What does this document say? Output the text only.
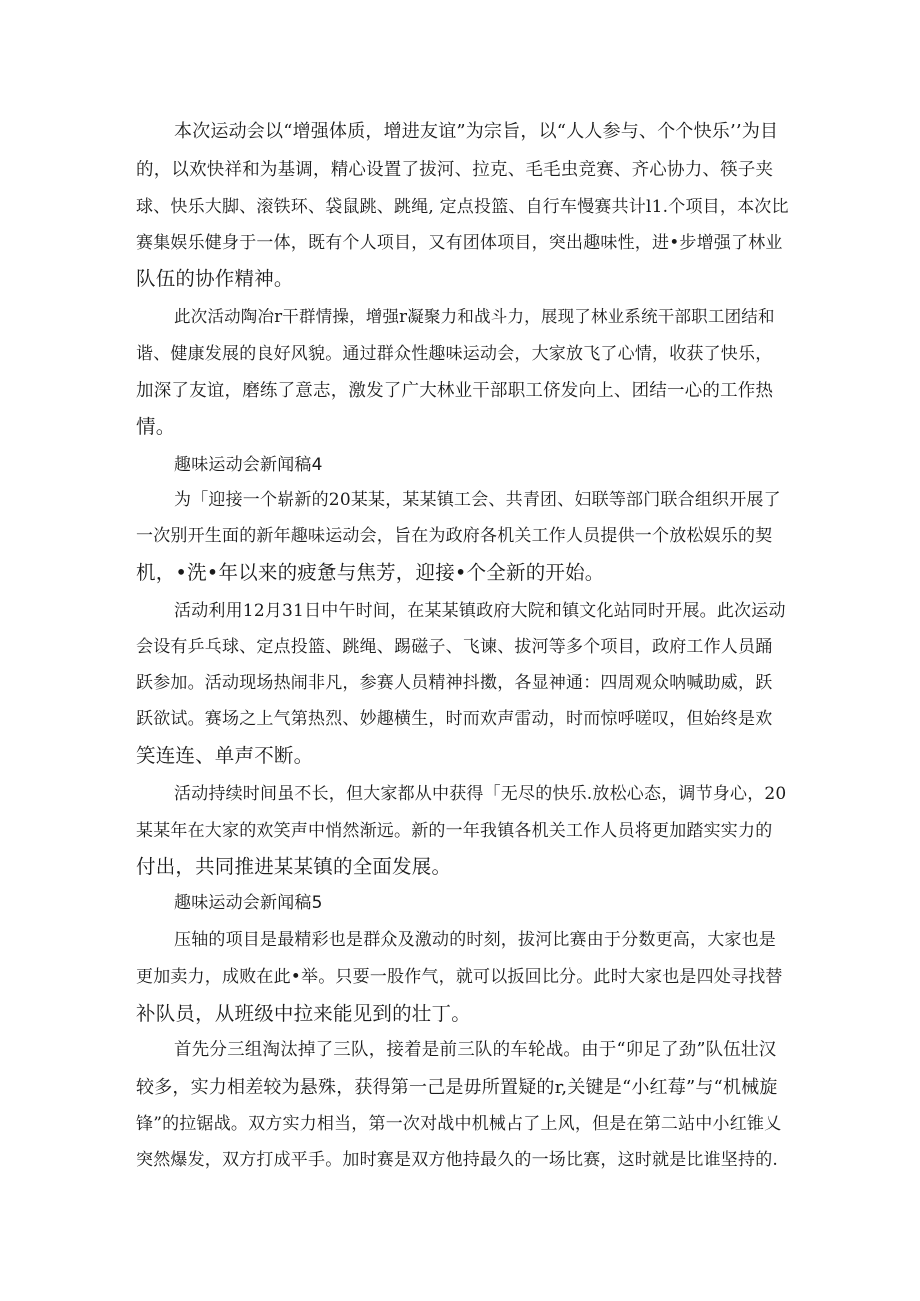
本次运动会以“增强体质，增进友谊”为宗旨，以“人人参与、个个快乐’’为目
的，以欢快祥和为基调，精心设置了拔河、拉克、毛毛虫竞赛、齐心协力、筷子夹
球、快乐大脚、滚铁环、袋鼠跳、跳绳, 定点投篮、自行车慢赛共计l1.个项目，本次比
赛集娱乐健身于一体，既有个人项目，又有团体项目，突出趣味性，进•步增强了林业
队伍的协作精神。
此次活动陶冶r干群情操，增强r凝聚力和战斗力，展现了林业系统干部职工团结和
谐、健康发展的良好风貌。通过群众性趣味运动会，大家放飞了心情，收获了快乐，
加深了友谊，磨练了意志，激发了广大林业干部职工侪发向上、团结一心的工作热
情。
趣味运动会新闻稿4
为「迎接一个崭新的20某某，某某镇工会、共青团、妇联等部门联合组织开展了
一次别开生面的新年趣味运动会，旨在为政府各机关工作人员提供一个放松娱乐的契
机，•洗•年以来的疲惫与焦芳，迎接•个全新的开始。
活动利用12月31日中午时间，在某某镇政府大院和镇文化站同时开展。此次运动
会设有乒乓球、定点投篮、跳绳、踢磁子、飞谏、拔河等多个项目，政府工作人员踊
跃参加。活动现场热闹非凡，参赛人员精神抖擞，各显神通：四周观众呐喊助威，跃
跃欲试。赛场之上气第热烈、妙趣横生，时而欢声雷动，时而惊呼嗟叹，但始终是欢
笑连连、单声不断。
活动持续时间虽不长，但大家都从中获得「无尽的快乐.放松心态，调节身心，20
某某年在大家的欢笑声中悄然渐远。新的一年我镇各机关工作人员将更加踏实实力的
付出，共同推进某某镇的全面发展。
趣味运动会新闻稿5
压轴的项目是最精彩也是群众及激动的时刻，拔河比赛由于分数更高，大家也是
更加卖力，成败在此•举。只要一股作气，就可以扳回比分。此时大家也是四处寻找替
补队员，从班级中拉来能见到的壮丁。
首先分三组淘汰掉了三队，接着是前三队的车轮战。由于“卯足了劲”队伍壮汉
较多，实力相差较为悬殊，获得第一己是毋所置疑的r,关键是“小红莓”与“机械旋
锋”的拉锯战。双方实力相当，第一次对战中机械占了上风，但是在第二站中小红锥乂
突然爆发，双方打成平手。加时赛是双方他持最久的一场比赛，这时就是比谁坚持的.
